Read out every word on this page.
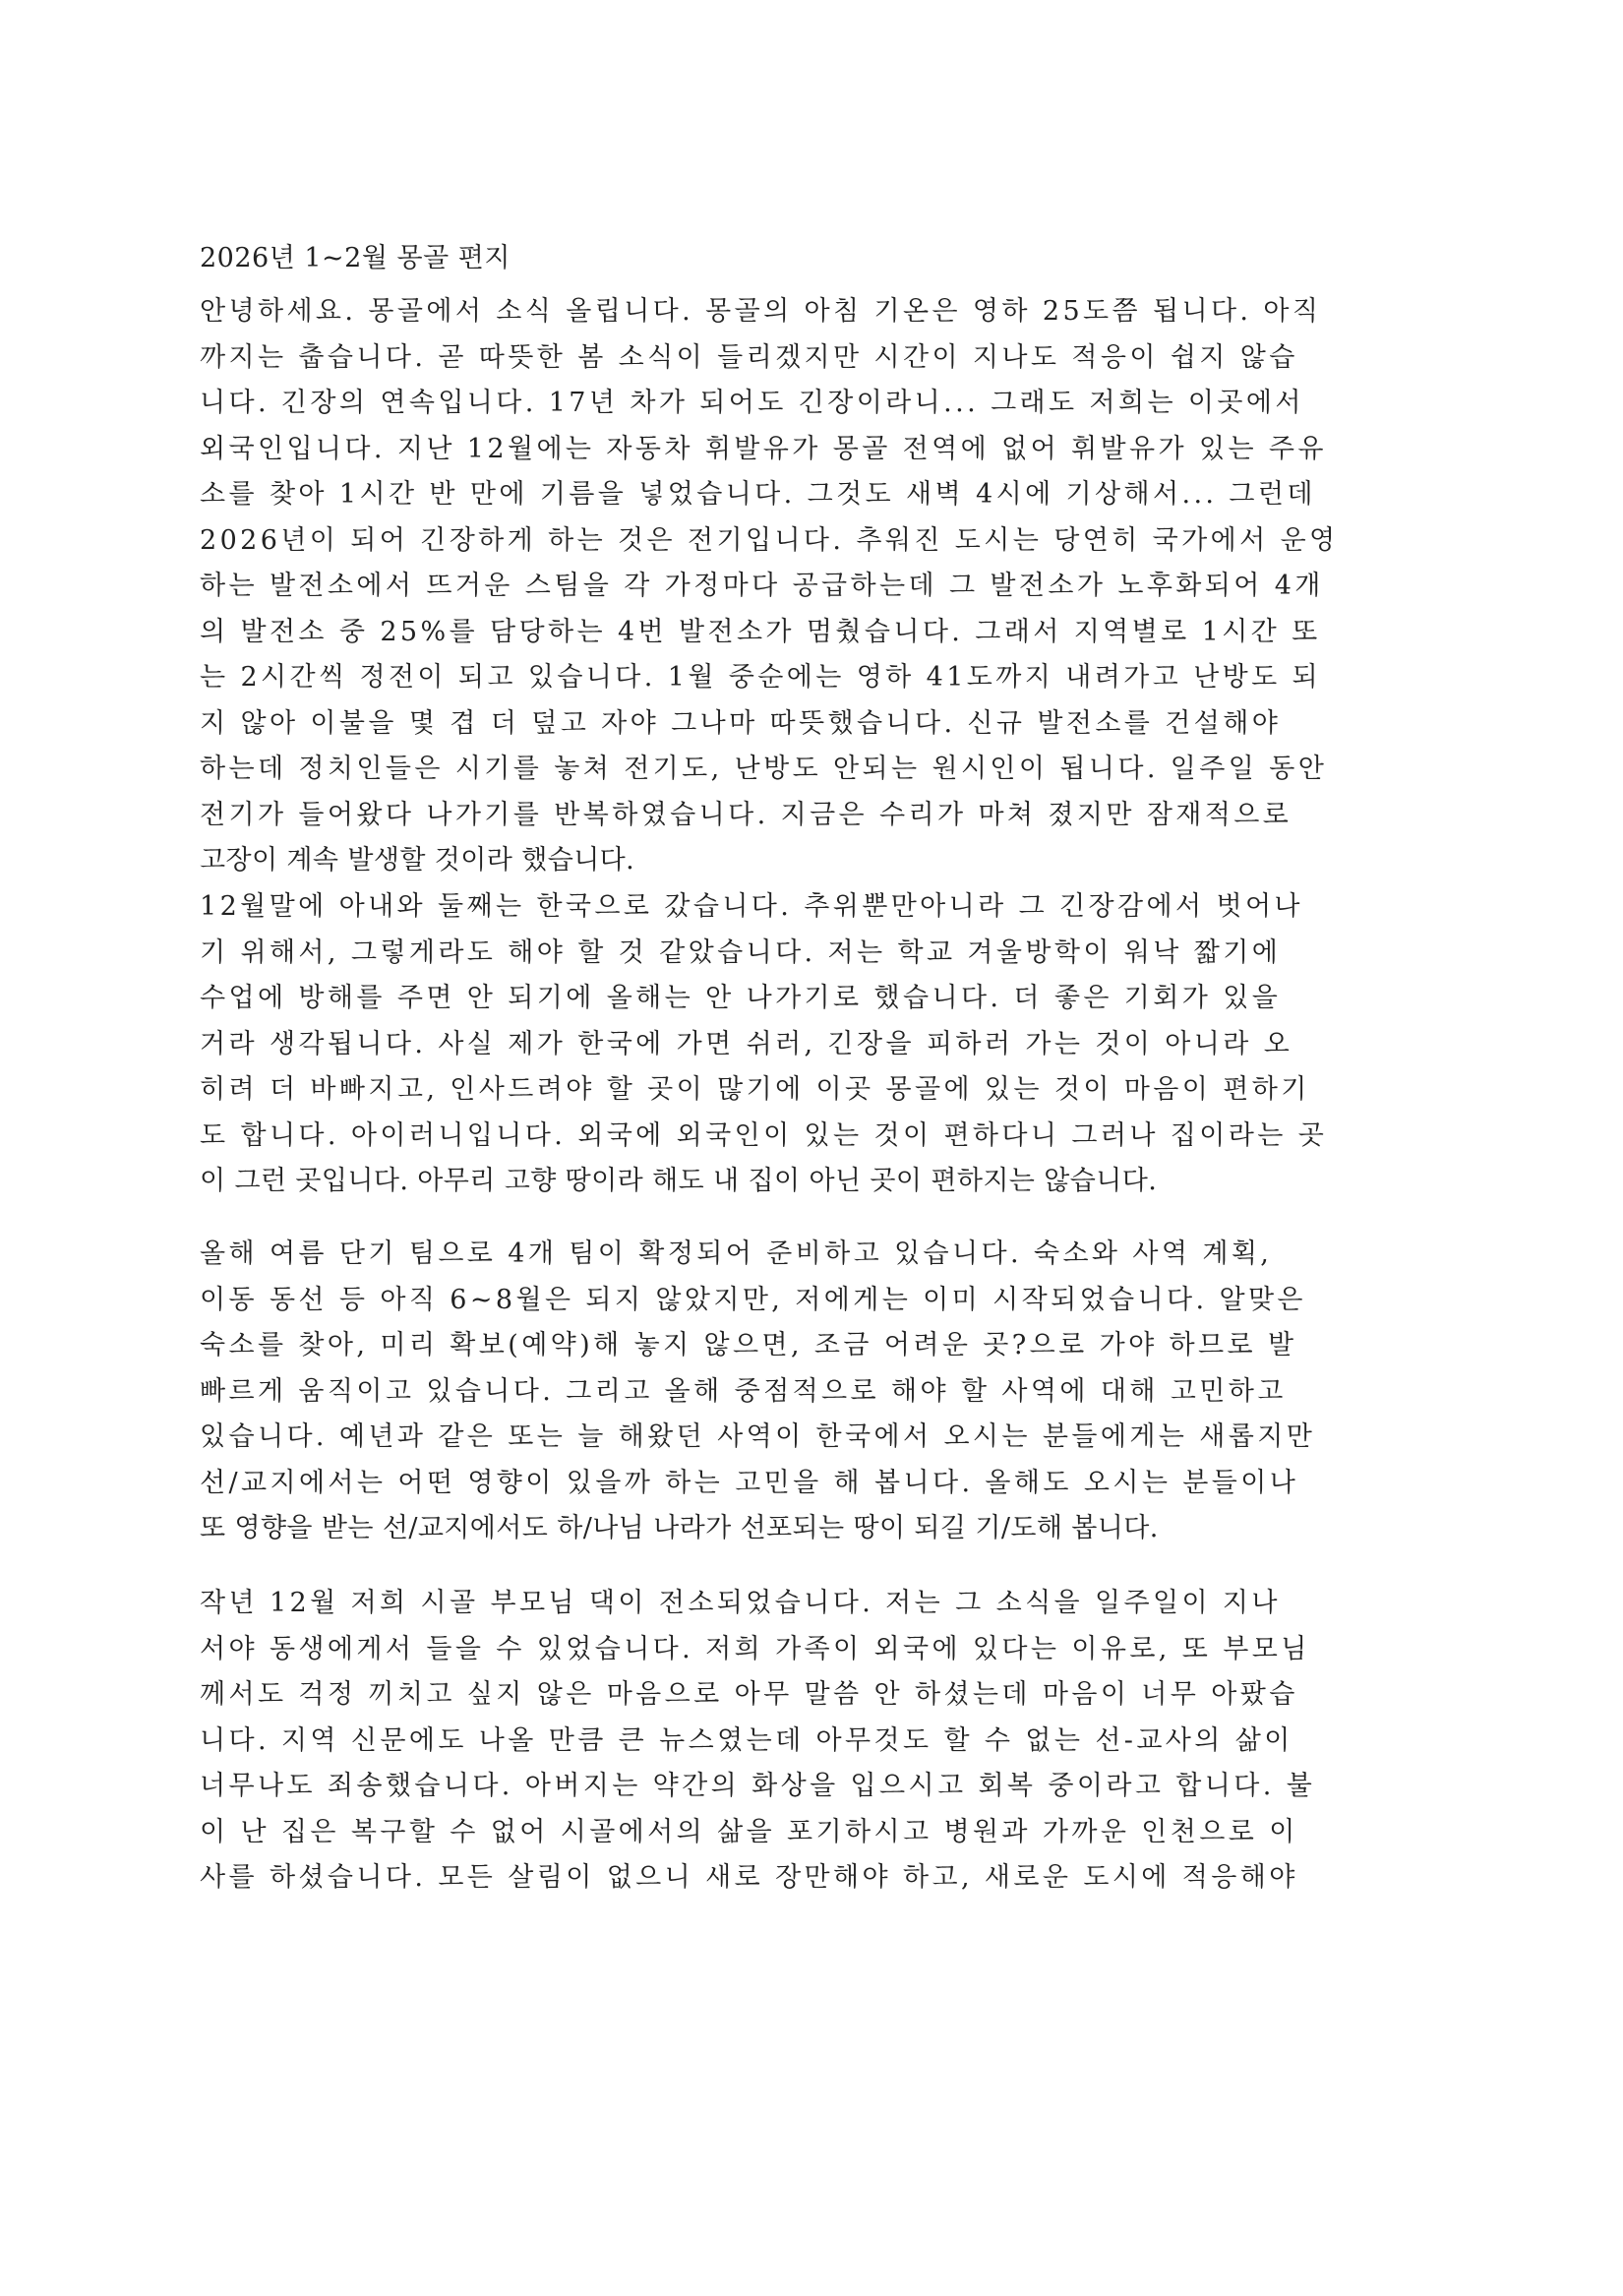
2026년 1~2월 몽골 편지
안녕하세요. 몽골에서 소식 올립니다. 몽골의 아침 기온은 영하 25도쯤 됩니다. 아직
까지는 춥습니다. 곧 따뜻한 봄 소식이 들리겠지만 시간이 지나도 적응이 쉽지 않습
니다. 긴장의 연속입니다. 17년 차가 되어도 긴장이라니... 그래도 저희는 이곳에서
외국인입니다. 지난 12월에는 자동차 휘발유가 몽골 전역에 없어 휘발유가 있는 주유
소를 찾아 1시간 반 만에 기름을 넣었습니다. 그것도 새벽 4시에 기상해서... 그런데
2026년이 되어 긴장하게 하는 것은 전기입니다. 추워진 도시는 당연히 국가에서 운영
하는 발전소에서 뜨거운 스팀을 각 가정마다 공급하는데 그 발전소가 노후화되어 4개
의 발전소 중 25%를 담당하는 4번 발전소가 멈췄습니다. 그래서 지역별로 1시간 또
는 2시간씩 정전이 되고 있습니다. 1월 중순에는 영하 41도까지 내려가고 난방도 되
지 않아 이불을 몇 겹 더 덮고 자야 그나마 따뜻했습니다. 신규 발전소를 건설해야
하는데 정치인들은 시기를 놓쳐 전기도, 난방도 안되는 원시인이 됩니다. 일주일 동안
전기가 들어왔다 나가기를 반복하였습니다. 지금은 수리가 마쳐 졌지만 잠재적으로
고장이 계속 발생할 것이라 했습니다.
12월말에 아내와 둘째는 한국으로 갔습니다. 추위뿐만아니라 그 긴장감에서 벗어나
기 위해서, 그렇게라도 해야 할 것 같았습니다. 저는 학교 겨울방학이 워낙 짧기에
수업에 방해를 주면 안 되기에 올해는 안 나가기로 했습니다. 더 좋은 기회가 있을
거라 생각됩니다. 사실 제가 한국에 가면 쉬러, 긴장을 피하러 가는 것이 아니라 오
히려 더 바빠지고, 인사드려야 할 곳이 많기에 이곳 몽골에 있는 것이 마음이 편하기
도 합니다. 아이러니입니다. 외국에 외국인이 있는 것이 편하다니 그러나 집이라는 곳
이 그런 곳입니다. 아무리 고향 땅이라 해도 내 집이 아닌 곳이 편하지는 않습니다.
올해 여름 단기 팀으로 4개 팀이 확정되어 준비하고 있습니다. 숙소와 사역 계획,
이동 동선 등 아직 6~8월은 되지 않았지만, 저에게는 이미 시작되었습니다. 알맞은
숙소를 찾아, 미리 확보(예약)해 놓지 않으면, 조금 어려운 곳?으로 가야 하므로 발
빠르게 움직이고 있습니다. 그리고 올해 중점적으로 해야 할 사역에 대해 고민하고
있습니다. 예년과 같은 또는 늘 해왔던 사역이 한국에서 오시는 분들에게는 새롭지만
선/교지에서는 어떤 영향이 있을까 하는 고민을 해 봅니다. 올해도 오시는 분들이나
또 영향을 받는 선/교지에서도 하/나님 나라가 선포되는 땅이 되길 기/도해 봅니다.
작년 12월 저희 시골 부모님 댁이 전소되었습니다. 저는 그 소식을 일주일이 지나
서야 동생에게서 들을 수 있었습니다. 저희 가족이 외국에 있다는 이유로, 또 부모님
께서도 걱정 끼치고 싶지 않은 마음으로 아무 말씀 안 하셨는데 마음이 너무 아팠습
니다. 지역 신문에도 나올 만큼 큰 뉴스였는데 아무것도 할 수 없는 선-교사의 삶이
너무나도 죄송했습니다. 아버지는 약간의 화상을 입으시고 회복 중이라고 합니다. 불
이 난 집은 복구할 수 없어 시골에서의 삶을 포기하시고 병원과 가까운 인천으로 이
사를 하셨습니다. 모든 살림이 없으니 새로 장만해야 하고, 새로운 도시에 적응해야
